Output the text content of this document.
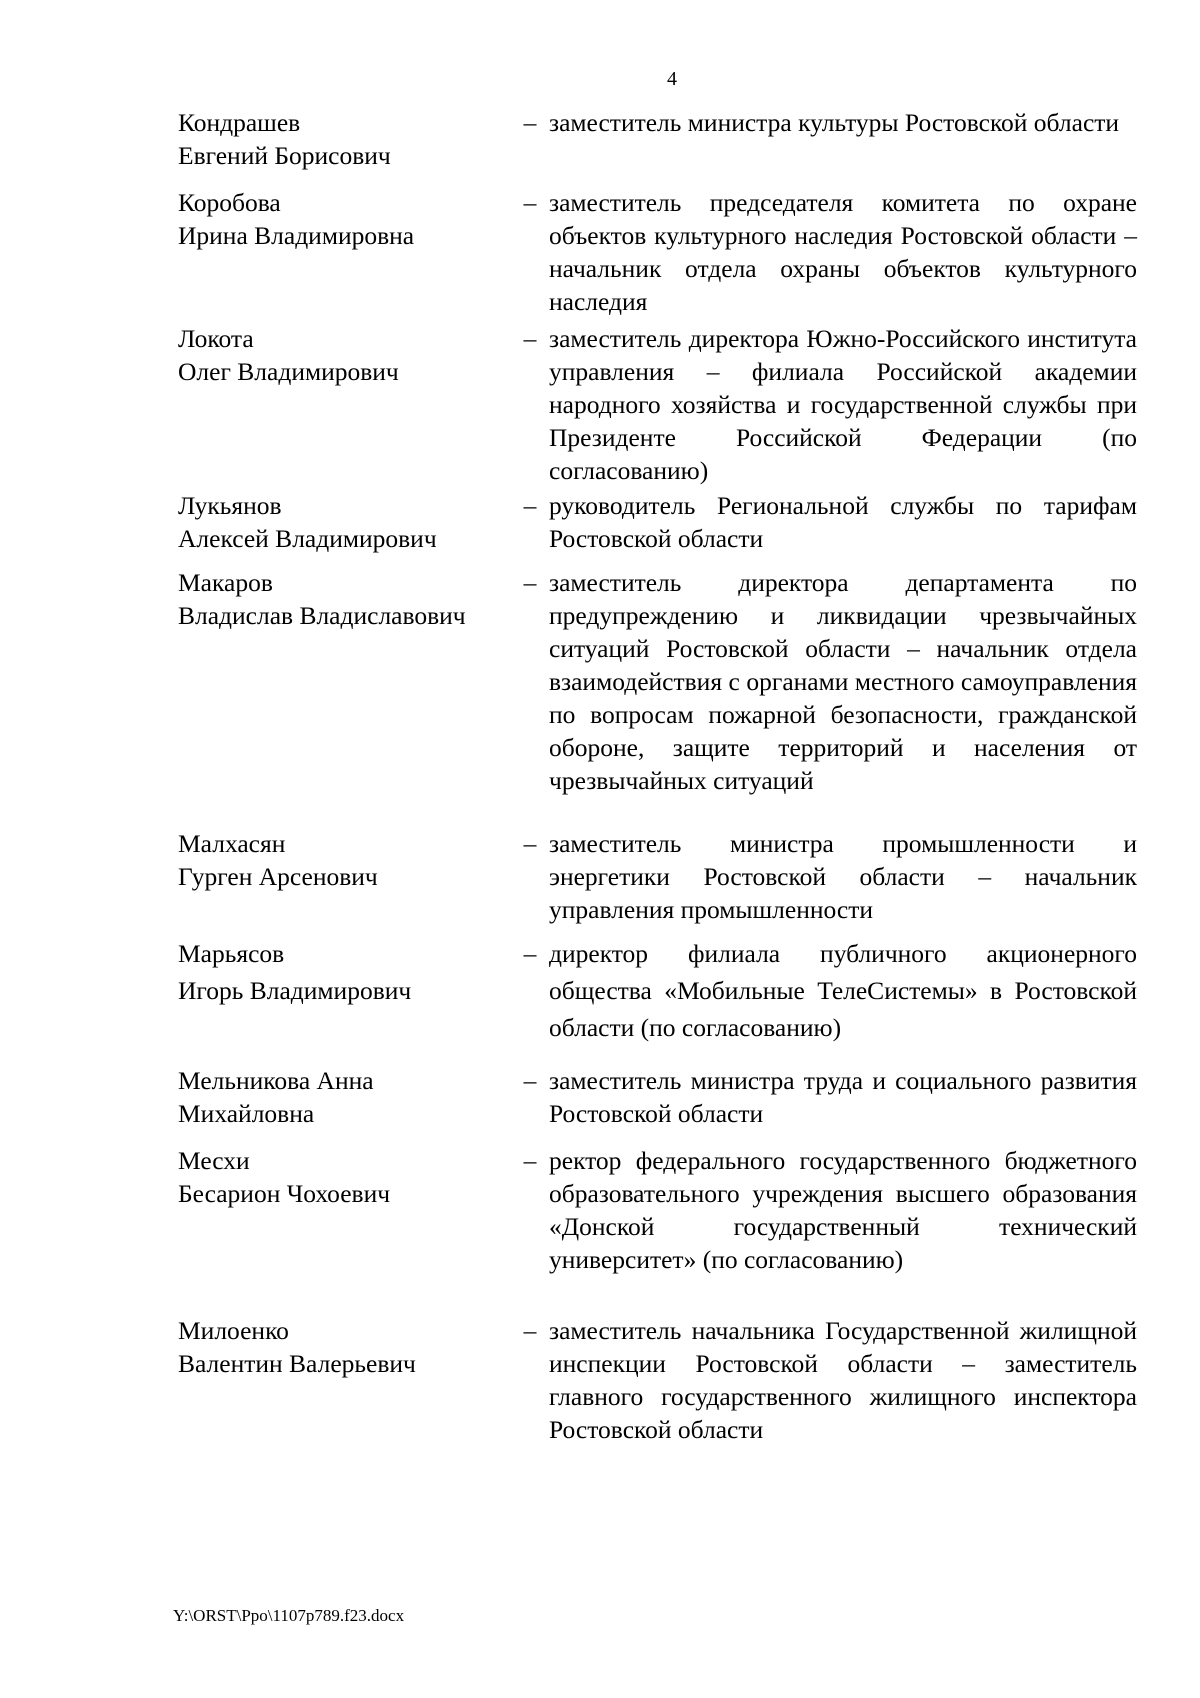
4
Кондрашев
Евгений Борисович
– заместитель министра культуры Ростовской области
Коробова
Ирина Владимировна
– заместитель председателя комитета по охране объектов культурного наследия Ростовской области – начальник отдела охраны объектов культурного наследия
Локота
Олег Владимирович
– заместитель директора Южно-Российского института управления – филиала Российской академии народного хозяйства и государственной службы при Президенте Российской Федерации (по согласованию)
Лукьянов
Алексей Владимирович
– руководитель Региональной службы по тарифам Ростовской области
Макаров
Владислав Владиславович
– заместитель директора департамента по предупреждению и ликвидации чрезвычайных ситуаций Ростовской области – начальник отдела взаимодействия с органами местного самоуправления по вопросам пожарной безопасности, гражданской обороне, защите территорий и населения от чрезвычайных ситуаций
Малхасян
Гурген Арсенович
– заместитель министра промышленности и энергетики Ростовской области – начальник управления промышленности
Марьясов
Игорь Владимирович
– директор филиала публичного акционерного общества «Мобильные ТелеСистемы» в Ростовской области (по согласованию)
Мельникова Анна
Михайловна
– заместитель министра труда и социального развития Ростовской области
Месхи
Бесарион Чохоевич
– ректор федерального государственного бюджетного образовательного учреждения высшего образования «Донской государственный технический университет» (по согласованию)
Милоенко
Валентин Валерьевич
– заместитель начальника Государственной жилищной инспекции Ростовской области – заместитель главного государственного жилищного инспектора Ростовской области
Y:\ORST\Ppo\1107p789.f23.docx
